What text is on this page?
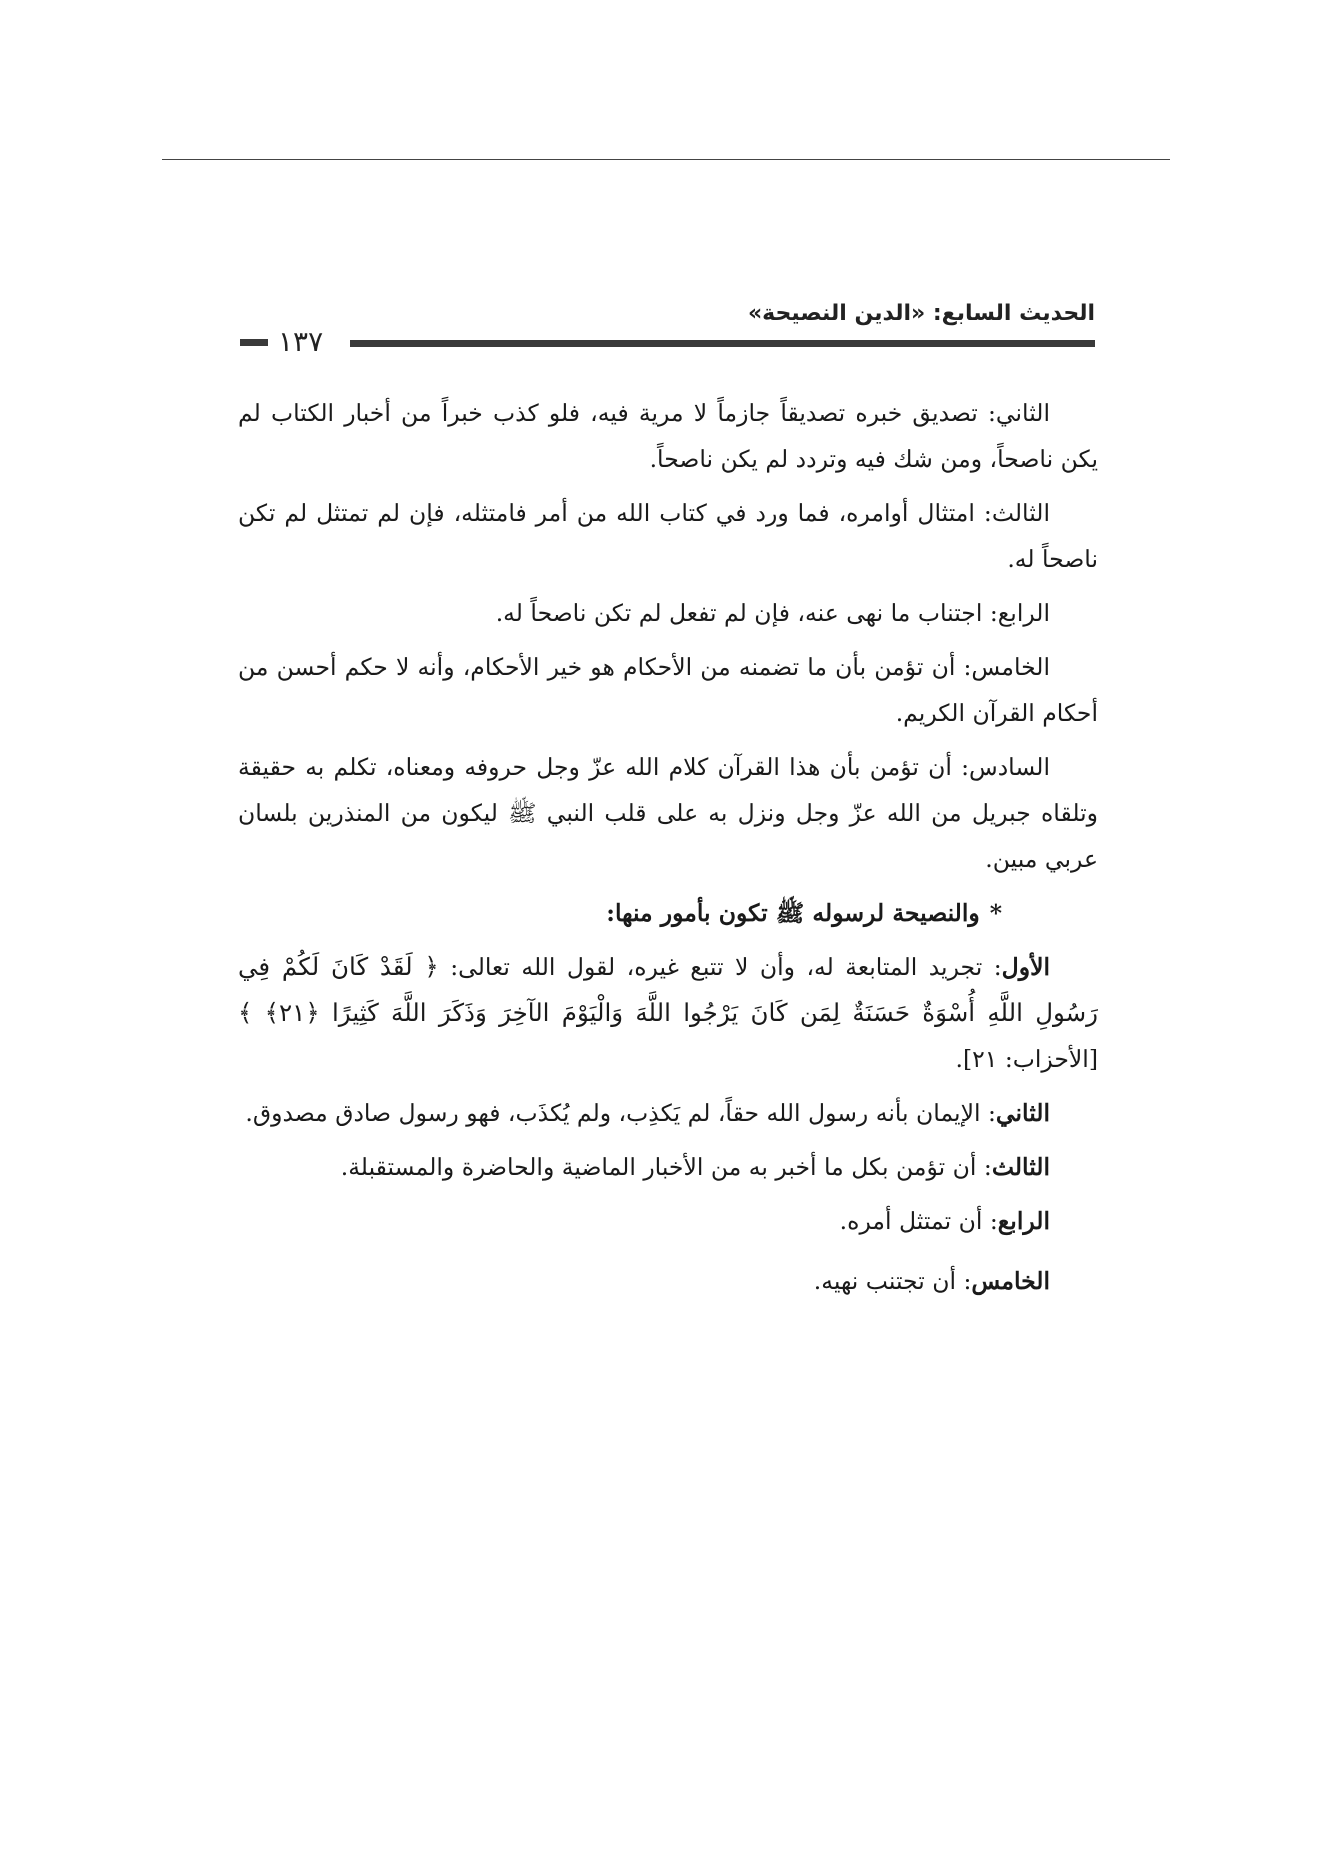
الحديث السابع: «الدين النصيحة»
١٣٧

الثاني: تصديق خبره تصديقاً جازماً لا مرية فيه، فلو كذب خبراً من أخبار الكتاب لم يكن ناصحاً، ومن شك فيه وتردد لم يكن ناصحاً.

الثالث: امتثال أوامره، فما ورد في كتاب الله من أمر فامتثله، فإن لم تمتثل لم تكن ناصحاً له.

الرابع: اجتناب ما نهى عنه، فإن لم تفعل لم تكن ناصحاً له.

الخامس: أن تؤمن بأن ما تضمنه من الأحكام هو خير الأحكام، وأنه لا حكم أحسن من أحكام القرآن الكريم.

السادس: أن تؤمن بأن هذا القرآن كلام الله عزّ وجل حروفه ومعناه، تكلم به حقيقة وتلقاه جبريل من الله عزّ وجل ونزل به على قلب النبي ﷺ ليكون من المنذرين بلسان عربي مبين.

*والنصيحة لرسوله ﷺ تكون بأمور منها:

الأول: تجريد المتابعة له، وأن لا تتبع غيره، لقول الله تعالى: ﴿ لَقَدْ كَانَ لَكُمْ فِي رَسُولِ اللَّهِ أُسْوَةٌ حَسَنَةٌ لِمَن كَانَ يَرْجُوا اللَّهَ وَالْيَوْمَ الآخِرَ وَذَكَرَ اللَّهَ كَثِيرًا ﴿٢١﴾ ﴾ [الأحزاب: ٢١].

الثاني: الإيمان بأنه رسول الله حقاً، لم يَكذِب، ولم يُكذَب، فهو رسول صادق مصدوق.

الثالث: أن تؤمن بكل ما أخبر به من الأخبار الماضية والحاضرة والمستقبلة.

الرابع: أن تمتثل أمره.

الخامس: أن تجتنب نهيه.
